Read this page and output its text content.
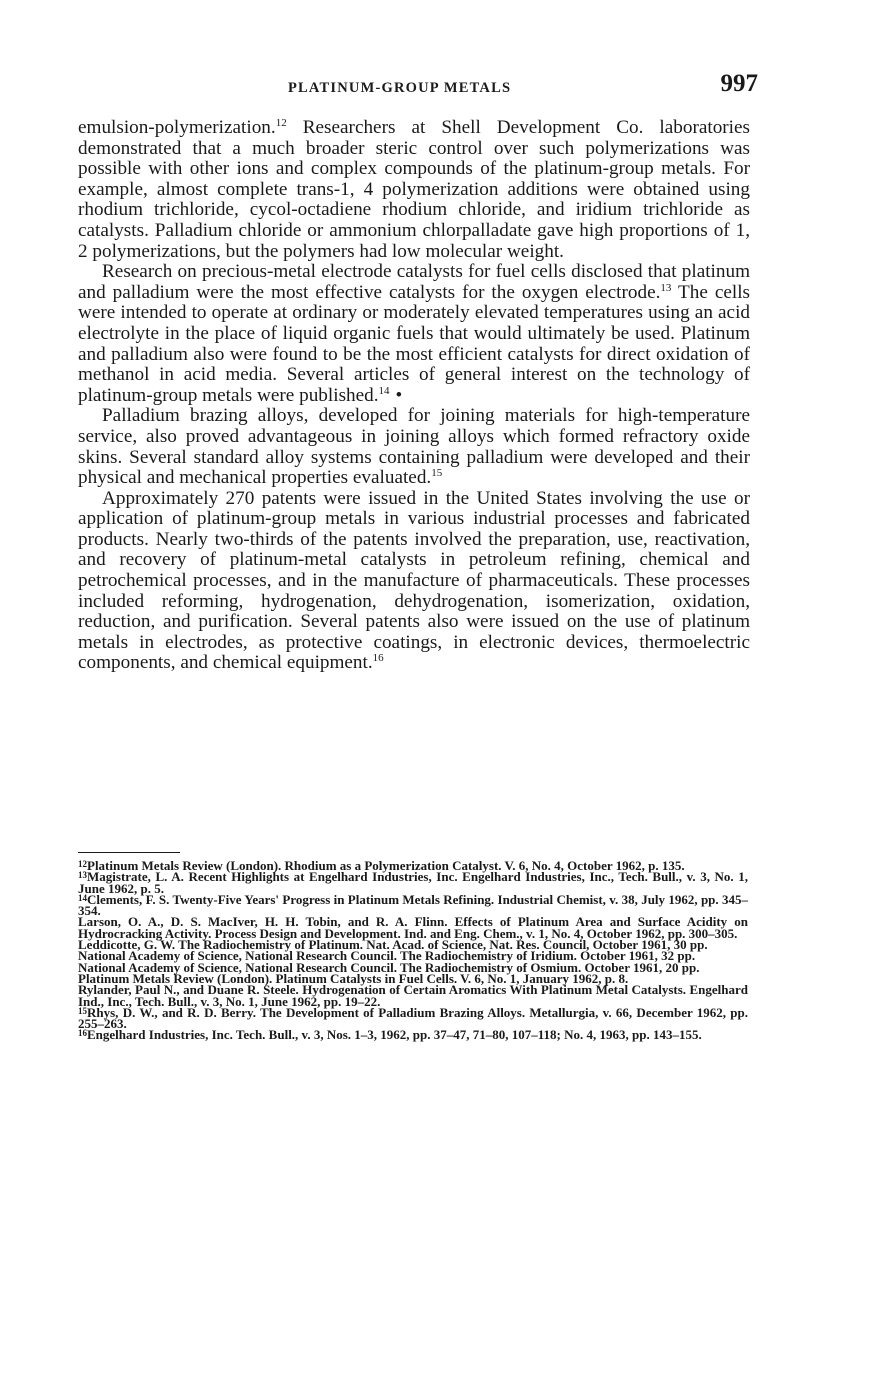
PLATINUM-GROUP METALS	997

emulsion-polymerization.$^{12}$ Researchers at Shell Development Co. laboratories demonstrated that a much broader steric control over such polymerizations was possible with other ions and complex compounds of the platinum-group metals. For example, almost complete trans-1, 4 polymerization additions were obtained using rhodium trichloride, cycol-octadiene rhodium chloride, and iridium trichloride as catalysts. Palladium chloride or ammonium chlorpalladate gave high proportions of 1, 2 polymerizations, but the polymers had low molecular weight.

Research on precious-metal electrode catalysts for fuel cells disclosed that platinum and palladium were the most effective catalysts for the oxygen electrode.$^{13}$ The cells were intended to operate at ordinary or moderately elevated temperatures using an acid electrolyte in the place of liquid organic fuels that would ultimately be used. Platinum and palladium also were found to be the most efficient catalysts for direct oxidation of methanol in acid media. Several articles of general interest on the technology of platinum-group metals were published.$^{14}$ •

Palladium brazing alloys, developed for joining materials for high-temperature service, also proved advantageous in joining alloys which formed refractory oxide skins. Several standard alloy systems containing palladium were developed and their physical and mechanical properties evaluated.$^{15}$

Approximately 270 patents were issued in the United States involving the use or application of platinum-group metals in various industrial processes and fabricated products. Nearly two-thirds of the patents involved the preparation, use, reactivation, and recovery of platinum-metal catalysts in petroleum refining, chemical and petrochemical processes, and in the manufacture of pharmaceuticals. These processes included reforming, hydrogenation, dehydrogenation, isomerization, oxidation, reduction, and purification. Several patents also were issued on the use of platinum metals in electrodes, as protective coatings, in electronic devices, thermoelectric components, and chemical equipment.$^{16}$

$^{12}$Platinum Metals Review (London). Rhodium as a Polymerization Catalyst. V. 6, No. 4, October 1962, p. 135.

$^{13}$Magistrate, L. A. Recent Highlights at Engelhard Industries, Inc. Engelhard Industries, Inc., Tech. Bull., v. 3, No. 1, June 1962, p. 5.

$^{14}$Clements, F. S. Twenty-Five Years' Progress in Platinum Metals Refining. Industrial Chemist, v. 38, July 1962, pp. 345–354.

Larson, O. A., D. S. MacIver, H. H. Tobin, and R. A. Flinn. Effects of Platinum Area and Surface Acidity on Hydrocracking Activity. Process Design and Development. Ind. and Eng. Chem., v. 1, No. 4, October 1962, pp. 300–305.

Leddicotte, G. W. The Radiochemistry of Platinum. Nat. Acad. of Science, Nat. Res. Council, October 1961, 30 pp.

National Academy of Science, National Research Council. The Radiochemistry of Iridium. October 1961, 32 pp.

National Academy of Science, National Research Council. The Radiochemistry of Osmium. October 1961, 20 pp.

Platinum Metals Review (London). Platinum Catalysts in Fuel Cells. V. 6, No. 1, January 1962, p. 8.

Rylander, Paul N., and Duane R. Steele. Hydrogenation of Certain Aromatics With Platinum Metal Catalysts. Engelhard Ind., Inc., Tech. Bull., v. 3, No. 1, June 1962, pp. 19–22.

$^{15}$Rhys, D. W., and R. D. Berry. The Development of Palladium Brazing Alloys. Metallurgia, v. 66, December 1962, pp. 255–263.

$^{16}$Engelhard Industries, Inc. Tech. Bull., v. 3, Nos. 1–3, 1962, pp. 37–47, 71–80, 107–118; No. 4, 1963, pp. 143–155.
